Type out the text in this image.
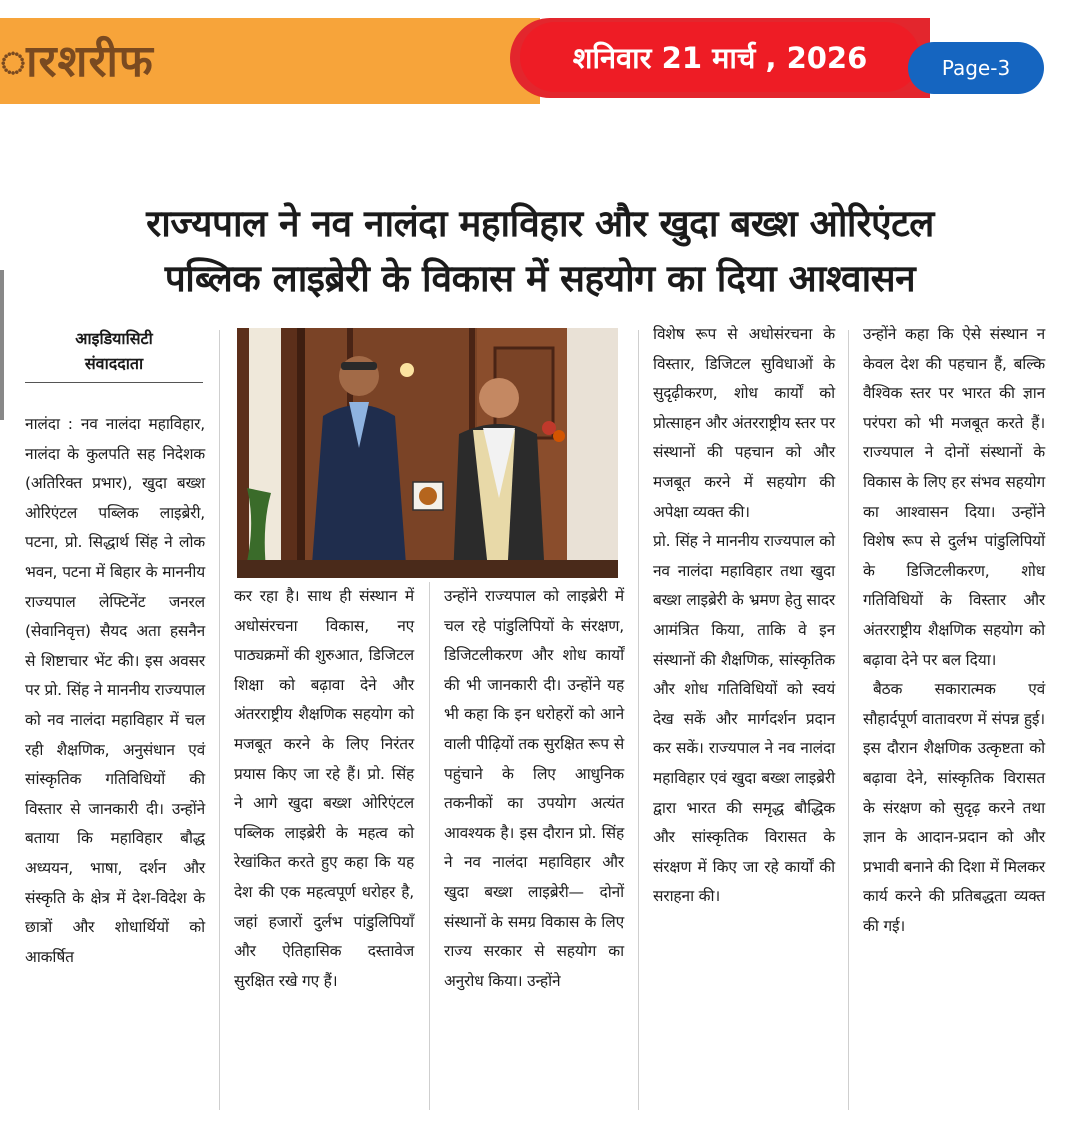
ारशरीफ	शनिवार 21 मार्च , 2026	Page-3
राज्यपाल ने नव नालंदा महाविहार और खुदा बख्श ओरिएंटल
पब्लिक लाइब्रेरी के विकास में सहयोग का दिया आश्वासन
आइडियासिटी
संवाददाता

नालंदा : नव नालंदा महाविहार, नालंदा के कुलपति सह निदेशक (अतिरिक्त प्रभार), खुदा बख्श ओरिएंटल पब्लिक लाइब्रेरी, पटना, प्रो. सिद्धार्थ सिंह ने लोक भवन, पटना में बिहार के माननीय राज्यपाल लेफ्टिनेंट जनरल (सेवानिवृत्त) सैयद अता हसनैन से शिष्टाचार भेंट की। इस अवसर पर प्रो. सिंह ने माननीय राज्यपाल को नव नालंदा महाविहार में चल रही शैक्षणिक, अनुसंधान एवं सांस्कृतिक गतिविधियों की विस्तार से जानकारी दी। उन्होंने बताया कि महाविहार बौद्ध अध्ययन, भाषा, दर्शन और संस्कृति के क्षेत्र में देश-विदेश के छात्रों और शोधार्थियों को आकर्षित

कर रहा है। साथ ही संस्थान में अधोसंरचना विकास, नए पाठ्यक्रमों की शुरुआत, डिजिटल शिक्षा को बढ़ावा देने और अंतरराष्ट्रीय शैक्षणिक सहयोग को मजबूत करने के लिए निरंतर प्रयास किए जा रहे हैं। प्रो. सिंह ने आगे खुदा बख्श ओरिएंटल पब्लिक लाइब्रेरी के महत्व को रेखांकित करते हुए कहा कि यह देश की एक महत्वपूर्ण धरोहर है, जहां हजारों दुर्लभ पांडुलिपियाँ और ऐतिहासिक दस्तावेज सुरक्षित रखे गए हैं।

उन्होंने राज्यपाल को लाइब्रेरी में चल रहे पांडुलिपियों के संरक्षण, डिजिटलीकरण और शोध कार्यों की भी जानकारी दी। उन्होंने यह भी कहा कि इन धरोहरों को आने वाली पीढ़ियों तक सुरक्षित रूप से पहुंचाने के लिए आधुनिक तकनीकों का उपयोग अत्यंत आवश्यक है। इस दौरान प्रो. सिंह ने नव नालंदा महाविहार और खुदा बख्श लाइब्रेरी— दोनों संस्थानों के समग्र विकास के लिए राज्य सरकार से सहयोग का अनुरोध किया। उन्होंने

विशेष रूप से अधोसंरचना के विस्तार, डिजिटल सुविधाओं के सुदृढ़ीकरण, शोध कार्यों को प्रोत्साहन और अंतरराष्ट्रीय स्तर पर संस्थानों की पहचान को और मजबूत करने में सहयोग की अपेक्षा व्यक्त की।

प्रो. सिंह ने माननीय राज्यपाल को नव नालंदा महाविहार तथा खुदा बख्श लाइब्रेरी के भ्रमण हेतु सादर आमंत्रित किया, ताकि वे इन संस्थानों की शैक्षणिक, सांस्कृतिक और शोध गतिविधियों को स्वयं देख सकें और मार्गदर्शन प्रदान कर सकें। राज्यपाल ने नव नालंदा महाविहार एवं खुदा बख्श लाइब्रेरी द्वारा भारत की समृद्ध बौद्धिक और सांस्कृतिक विरासत के संरक्षण में किए जा रहे कार्यों की सराहना की।

उन्होंने कहा कि ऐसे संस्थान न केवल देश की पहचान हैं, बल्कि वैश्विक स्तर पर भारत की ज्ञान परंपरा को भी मजबूत करते हैं। राज्यपाल ने दोनों संस्थानों के विकास के लिए हर संभव सहयोग का आश्वासन दिया। उन्होंने विशेष रूप से दुर्लभ पांडुलिपियों के डिजिटलीकरण, शोध गतिविधियों के विस्तार और अंतरराष्ट्रीय शैक्षणिक सहयोग को बढ़ावा देने पर बल दिया।

बैठक सकारात्मक एवं सौहार्दपूर्ण वातावरण में संपन्न हुई। इस दौरान शैक्षणिक उत्कृष्टता को बढ़ावा देने, सांस्कृतिक विरासत के संरक्षण को सुदृढ़ करने तथा ज्ञान के आदान-प्रदान को और प्रभावी बनाने की दिशा में मिलकर कार्य करने की प्रतिबद्धता व्यक्त की गई।
